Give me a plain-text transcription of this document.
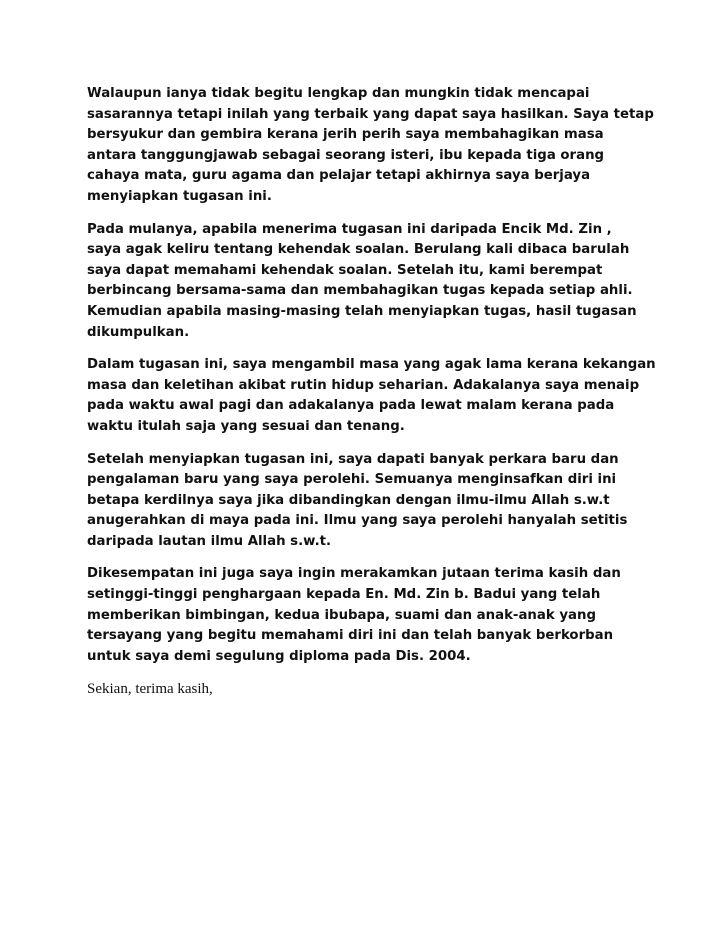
Walaupun ianya tidak begitu lengkap dan mungkin tidak mencapai
sasarannya tetapi inilah yang terbaik yang dapat saya hasilkan. Saya tetap
bersyukur dan gembira kerana jerih perih saya membahagikan masa
antara tanggungjawab sebagai seorang isteri, ibu kepada tiga orang
cahaya mata, guru agama dan pelajar tetapi akhirnya saya berjaya
menyiapkan tugasan ini.

Pada mulanya, apabila menerima tugasan ini daripada Encik Md. Zin ,
saya agak keliru tentang kehendak soalan. Berulang kali dibaca barulah
saya dapat memahami kehendak soalan. Setelah itu, kami berempat
berbincang bersama-sama dan membahagikan tugas kepada setiap ahli.
Kemudian apabila masing-masing telah menyiapkan tugas, hasil tugasan
dikumpulkan.

Dalam tugasan ini, saya mengambil masa yang agak lama kerana kekangan
masa dan keletihan akibat rutin hidup seharian. Adakalanya saya menaip
pada waktu awal pagi dan adakalanya pada lewat malam kerana pada
waktu itulah saja yang sesuai dan tenang.

Setelah menyiapkan tugasan ini, saya dapati banyak perkara baru dan
pengalaman baru yang saya perolehi. Semuanya menginsafkan diri ini
betapa kerdilnya saya jika dibandingkan dengan ilmu-ilmu Allah s.w.t
anugerahkan di maya pada ini. Ilmu yang saya perolehi hanyalah setitis
daripada lautan ilmu Allah s.w.t.

Dikesempatan ini juga saya ingin merakamkan jutaan terima kasih dan
setinggi-tinggi penghargaan kepada En. Md. Zin b. Badui yang telah
memberikan bimbingan, kedua ibubapa, suami dan anak-anak yang
tersayang yang begitu memahami diri ini dan telah banyak berkorban
untuk saya demi segulung diploma pada Dis. 2004.

Sekian, terima kasih,
